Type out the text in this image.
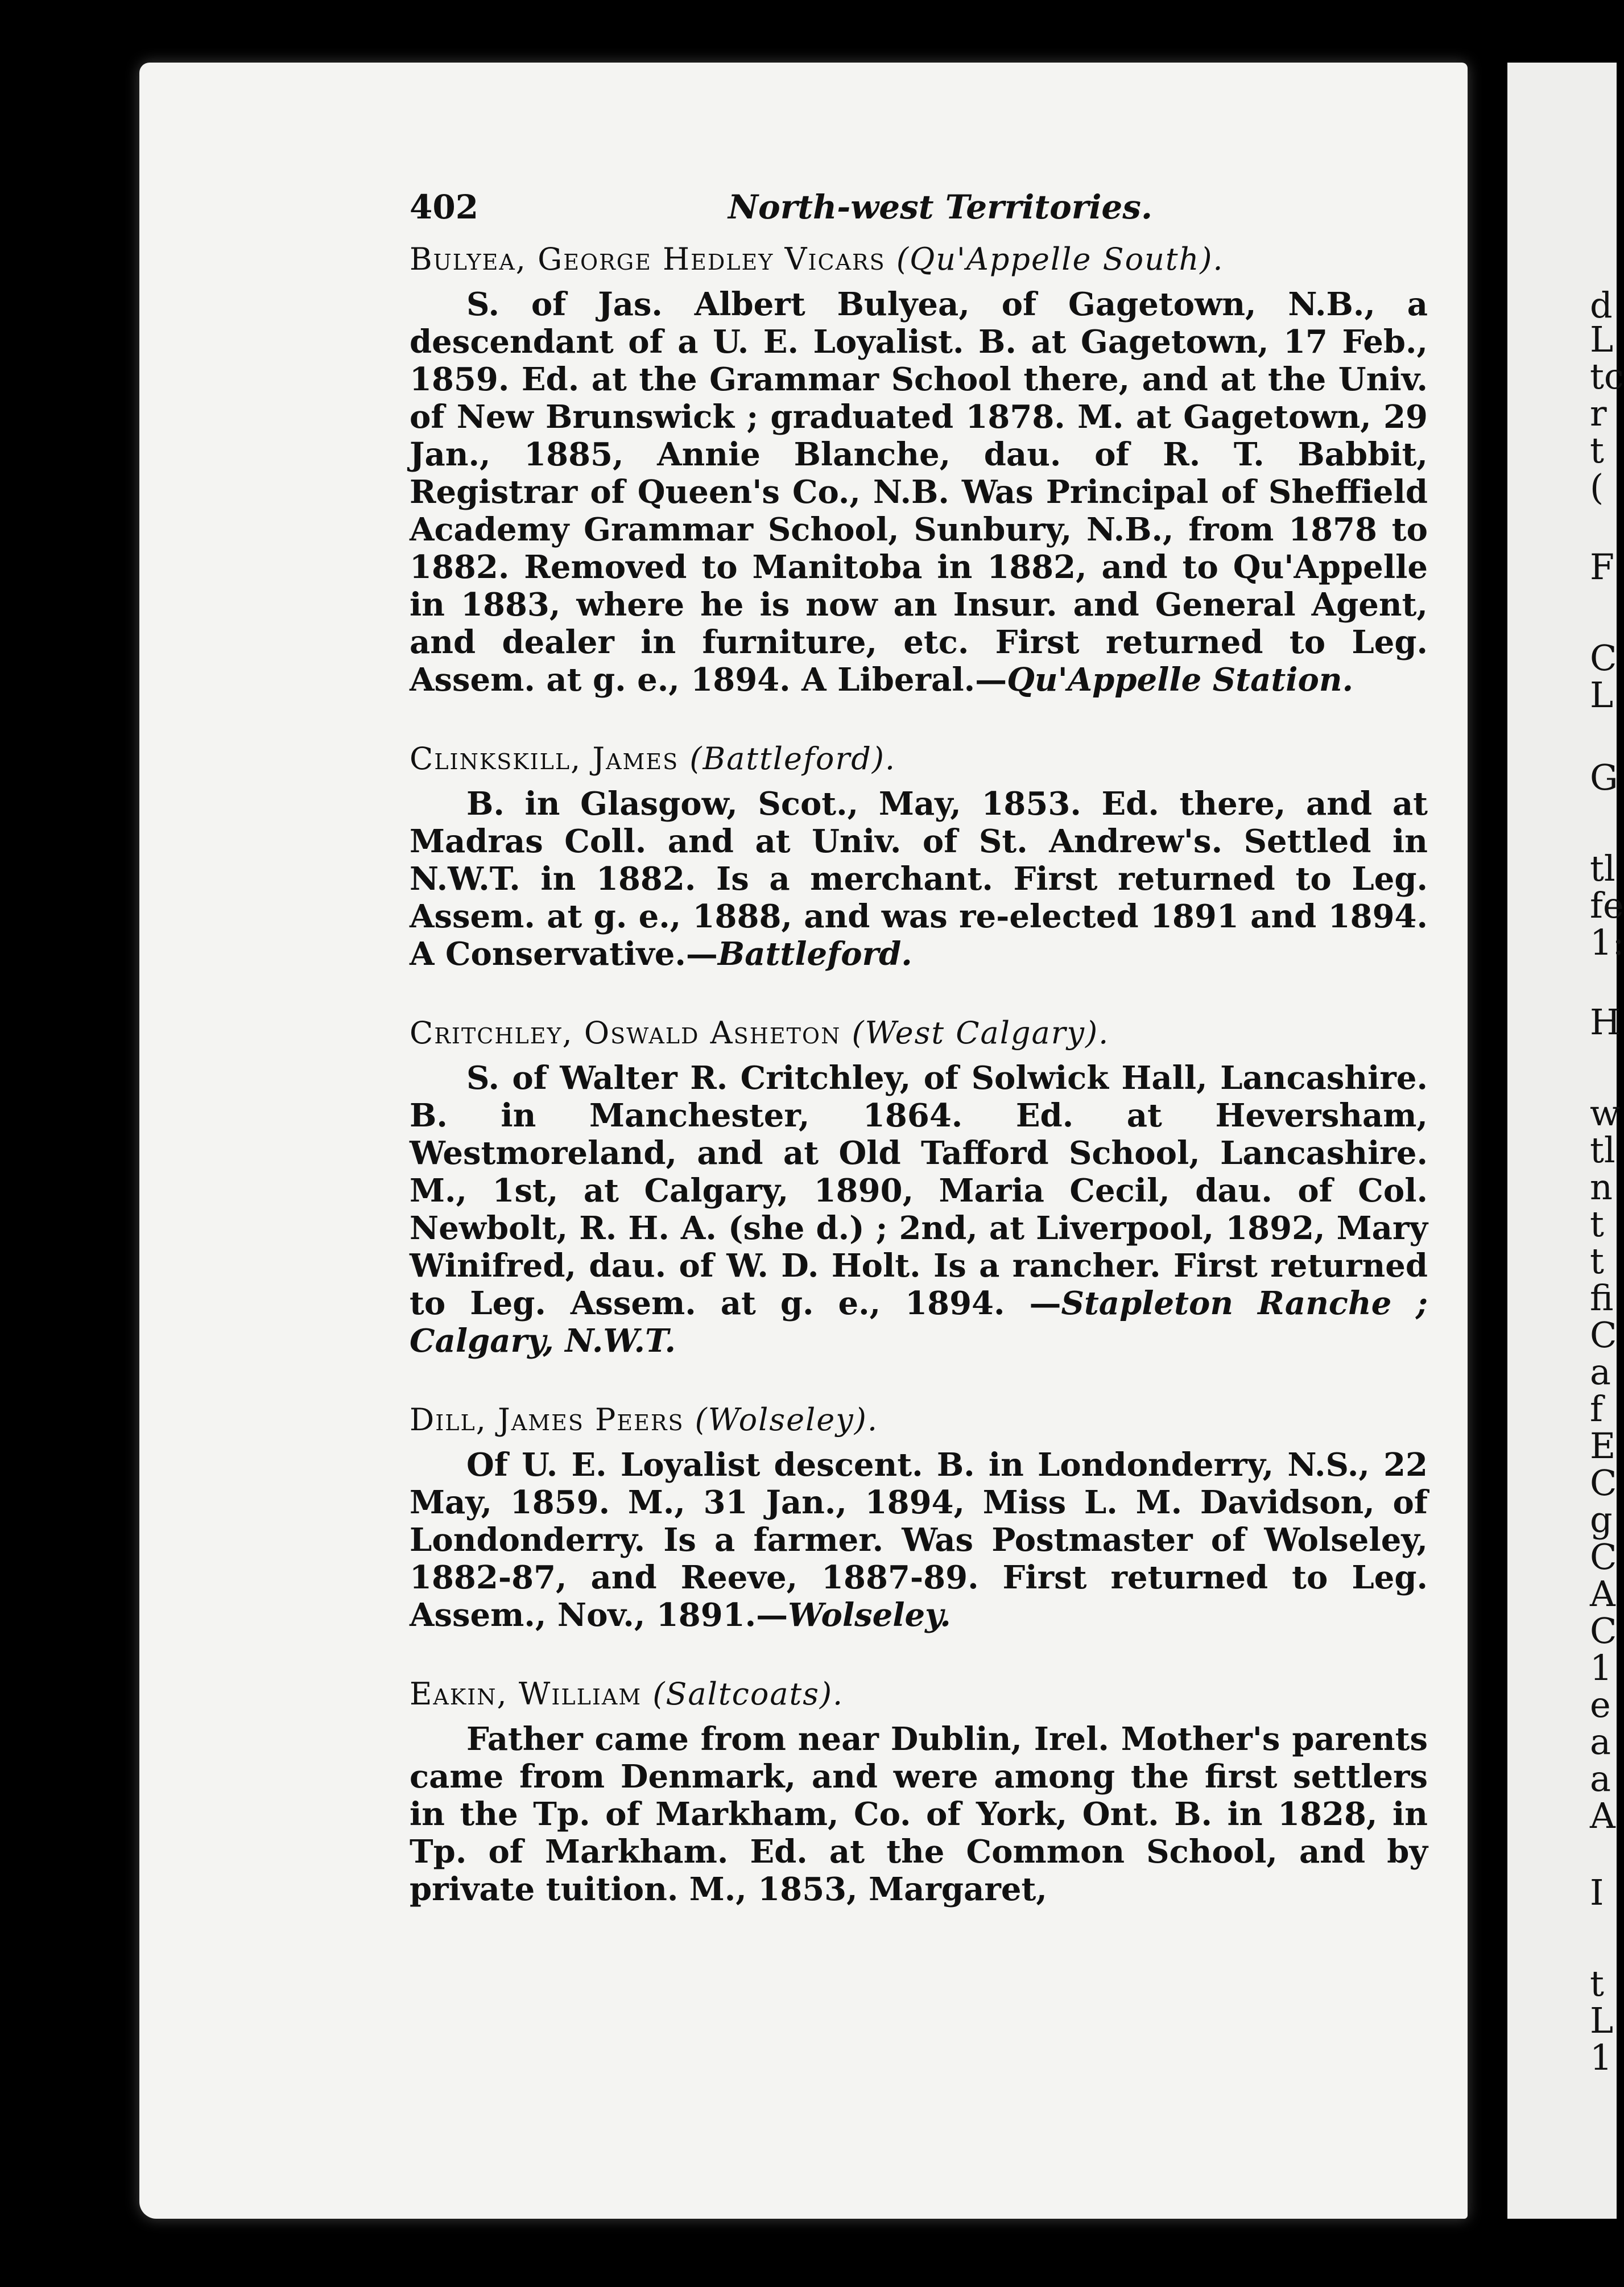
d
L
tc
r
t
(
F
C
L
G
tl
fe
1:
H
w
tl
n
t
t
fi
C
a
f
E
C
g
C
A
C
1
e
a
a
A
I
t
L
1
402	North-west Territories.

Bulyea, George Hedley Vicars (Qu'Appelle South).

S. of Jas. Albert Bulyea, of Gagetown, N.B., a descendant of a U. E. Loyalist. B. at Gagetown, 17 Feb., 1859. Ed. at the Grammar School there, and at the Univ. of New Brunswick ; graduated 1878. M. at Gagetown, 29 Jan., 1885, Annie Blanche, dau. of R. T. Babbit, Registrar of Queen's Co., N.B. Was Principal of Sheffield Academy Grammar School, Sunbury, N.B., from 1878 to 1882. Removed to Manitoba in 1882, and to Qu'Appelle in 1883, where he is now an Insur. and General Agent, and dealer in furniture, etc. First returned to Leg. Assem. at g. e., 1894. A Liberal.—Qu'Appelle Station.

Clinkskill, James (Battleford).

B. in Glasgow, Scot., May, 1853. Ed. there, and at Madras Coll. and at Univ. of St. Andrew's. Settled in N.W.T. in 1882. Is a merchant. First returned to Leg. Assem. at g. e., 1888, and was re-elected 1891 and 1894. A Conservative.—Battleford.

Critchley, Oswald Asheton (West Calgary).

S. of Walter R. Critchley, of Solwick Hall, Lancashire. B. in Manchester, 1864. Ed. at Heversham, Westmoreland, and at Old Tafford School, Lancashire. M., 1st, at Calgary, 1890, Maria Cecil, dau. of Col. Newbolt, R. H. A. (she d.) ; 2nd, at Liverpool, 1892, Mary Winifred, dau. of W. D. Holt. Is a rancher. First returned to Leg. Assem. at g. e., 1894. —Stapleton Ranche ; Calgary, N.W.T.

Dill, James Peers (Wolseley).

Of U. E. Loyalist descent. B. in Londonderry, N.S., 22 May, 1859. M., 31 Jan., 1894, Miss L. M. Davidson, of Londonderry. Is a farmer. Was Postmaster of Wolseley, 1882-87, and Reeve, 1887-89. First returned to Leg. Assem., Nov., 1891.—Wolseley.

Eakin, William (Saltcoats).

Father came from near Dublin, Irel. Mother's parents came from Denmark, and were among the first settlers in the Tp. of Markham, Co. of York, Ont. B. in 1828, in Tp. of Markham. Ed. at the Common School, and by private tuition. M., 1853, Margaret,
